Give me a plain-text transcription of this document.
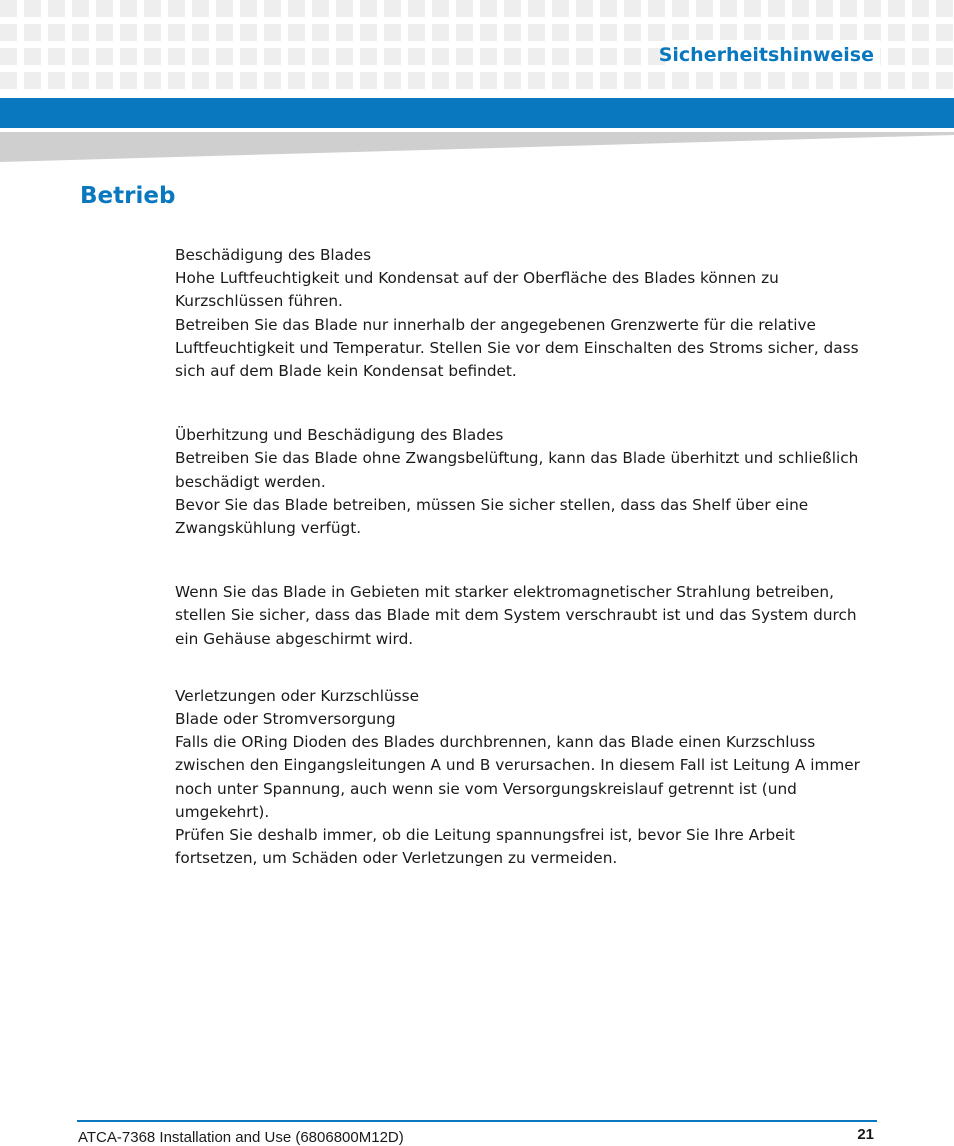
Sicherheitshinweise
Betrieb
Beschädigung des Blades
Hohe Luftfeuchtigkeit und Kondensat auf der Oberfläche des Blades können zu Kurzschlüssen führen.
Betreiben Sie das Blade nur innerhalb der angegebenen Grenzwerte für die relative Luftfeuchtigkeit und Temperatur. Stellen Sie vor dem Einschalten des Stroms sicher, dass sich auf dem Blade kein Kondensat befindet.
Überhitzung und Beschädigung des Blades
Betreiben Sie das Blade ohne Zwangsbelüftung, kann das Blade überhitzt und schließlich beschädigt werden.
Bevor Sie das Blade betreiben, müssen Sie sicher stellen, dass das Shelf über eine Zwangskühlung verfügt.
Wenn Sie das Blade in Gebieten mit starker elektromagnetischer Strahlung betreiben, stellen Sie sicher, dass das Blade mit dem System verschraubt ist und das System durch ein Gehäuse abgeschirmt wird.
Verletzungen oder Kurzschlüsse
Blade oder Stromversorgung
Falls die ORing Dioden des Blades durchbrennen, kann das Blade einen Kurzschluss zwischen den Eingangsleitungen A und B verursachen. In diesem Fall ist Leitung A immer noch unter Spannung, auch wenn sie vom Versorgungskreislauf getrennt ist (und umgekehrt).
Prüfen Sie deshalb immer, ob die Leitung spannungsfrei ist, bevor Sie Ihre Arbeit fortsetzen, um Schäden oder Verletzungen zu vermeiden.
ATCA-7368 Installation and Use (6806800M12D)	21
